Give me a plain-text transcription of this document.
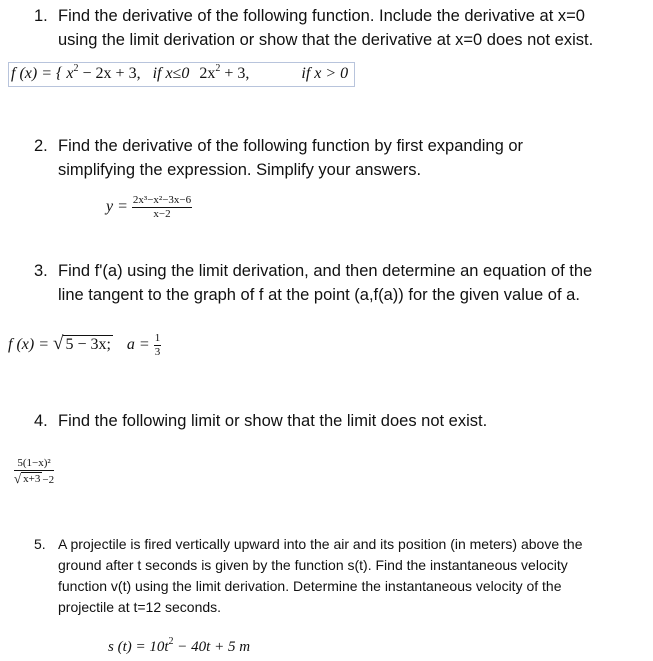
1. Find the derivative of the following function. Include the derivative at x=0
using the limit derivation or show that the derivative at x=0 does not exist.
f (x) = { $x^2 - 2x + 3$, if x≤0 $2x^2 + 3$,	if x > 0
2. Find the derivative of the following function by first expanding or
simplifying the expression. Simplify your answers.
$y = \frac{\text{2x³−x²−3x−6}}{x-2}$
3. Find f'(a) using the limit derivation, and then determine an equation of the
line tangent to the graph of f at the point (a,f(a)) for the given value of a.
f (x) = √ 5 − 3x; $a = \frac{1}{3}$
4. Find the following limit or show that the limit does not exist.
$\frac{\text{5(1−x)²}}{√ x+3 -2}$
5. A projectile is fired vertically upward into the air and its position (in meters) above the
ground after t seconds is given by the function s(t). Find the instantaneous velocity
function v(t) using the limit derivation. Determine the instantaneous velocity of the
projectile at t=12 seconds.
s $(t) = 10t^2 - 40t + 5$ m
